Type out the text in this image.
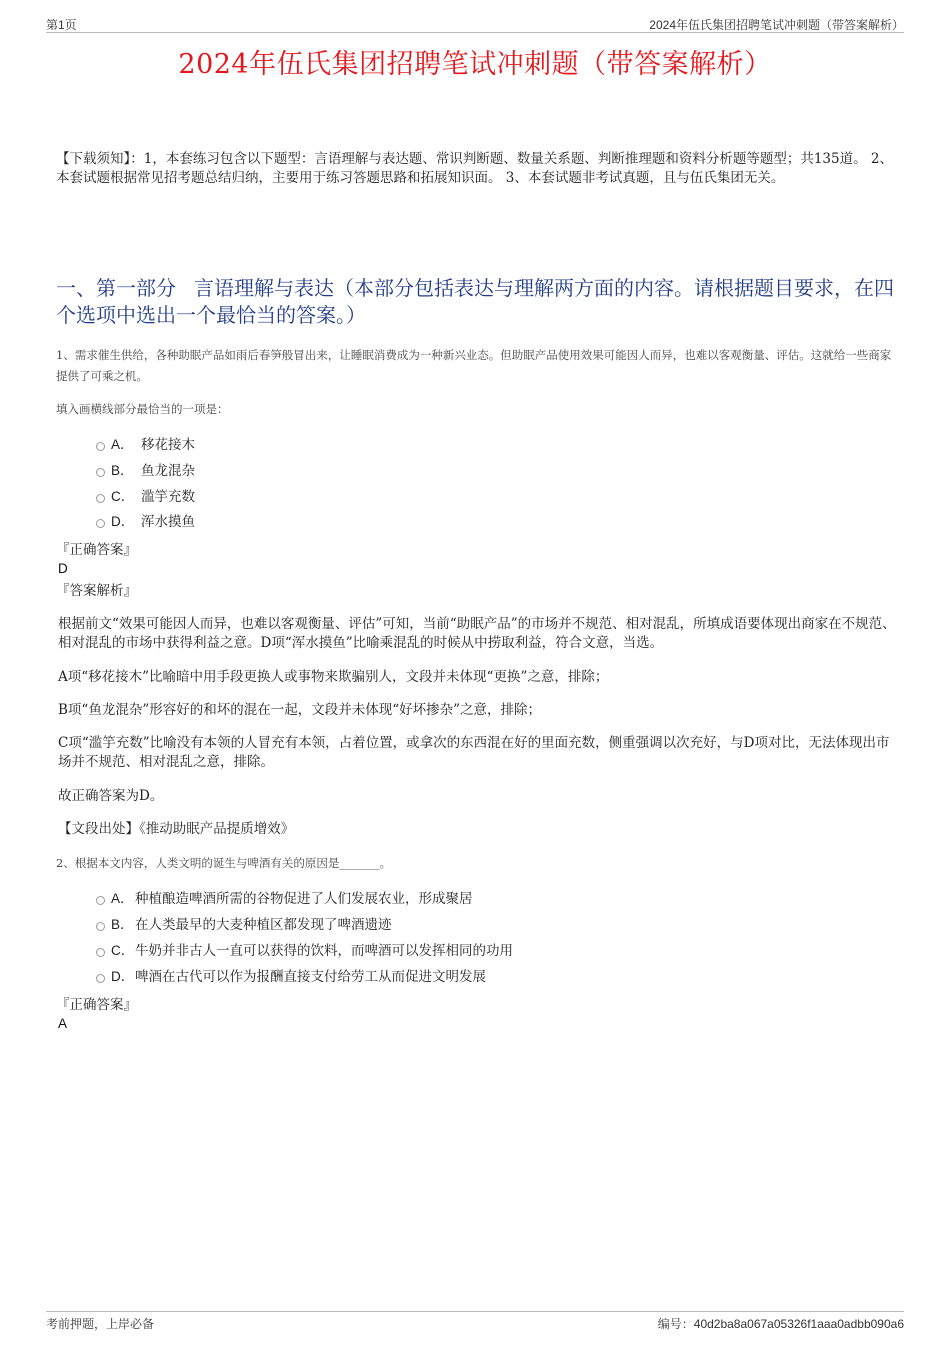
第1页	2024年伍氏集团招聘笔试冲刺题（带答案解析）
2024年伍氏集团招聘笔试冲刺题（带答案解析）
【下载须知】：1，本套练习包含以下题型：言语理解与表达题、常识判断题、数量关系题、判断推理题和资料分析题等题型；共135道。 2、本套试题根据常见招考题总结归纳，主要用于练习答题思路和拓展知识面。 3、本套试题非考试真题，且与伍氏集团无关。
一、第一部分 言语理解与表达（本部分包括表达与理解两方面的内容。请根据题目要求，在四个选项中选出一个最恰当的答案。）
1、需求催生供给，各种助眠产品如雨后春笋般冒出来，让睡眠消费成为一种新兴业态。但助眠产品使用效果可能因人而异，也难以客观衡量、评估。这就给一些商家 提供了可乘之机。
填入画横线部分最恰当的一项是：
A． 移花接木
B． 鱼龙混杂
C． 滥竽充数
D． 浑水摸鱼
『正确答案』
D
『答案解析』
根据前文“效果可能因人而异，也难以客观衡量、评估”可知，当前“助眠产品”的市场并不规范、相对混乱，所填成语要体现出商家在不规范、相对混乱的市场中获得利益之意。D项“浑水摸鱼”比喻乘混乱的时候从中捞取利益，符合文意，当选。
A项“移花接木”比喻暗中用手段更换人或事物来欺骗别人，文段并未体现“更换”之意，排除；
B项“鱼龙混杂”形容好的和坏的混在一起，文段并未体现“好坏掺杂”之意，排除；
C项“滥竽充数”比喻没有本领的人冒充有本领，占着位置，或拿次的东西混在好的里面充数，侧重强调以次充好，与D项对比，无法体现出市场并不规范、相对混乱之意，排除。
故正确答案为D。
【文段出处】《推动助眠产品提质增效》
2、根据本文内容，人类文明的诞生与啤酒有关的原因是_______。
A．种植酿造啤酒所需的谷物促进了人们发展农业，形成聚居
B．在人类最早的大麦种植区都发现了啤酒遗迹
C．牛奶并非古人一直可以获得的饮料，而啤酒可以发挥相同的功用
D．啤酒在古代可以作为报酬直接支付给劳工从而促进文明发展
『正确答案』
A
考前押题，上岸必备	编号：40d2ba8a067a05326f1aaa0adbb090a6
